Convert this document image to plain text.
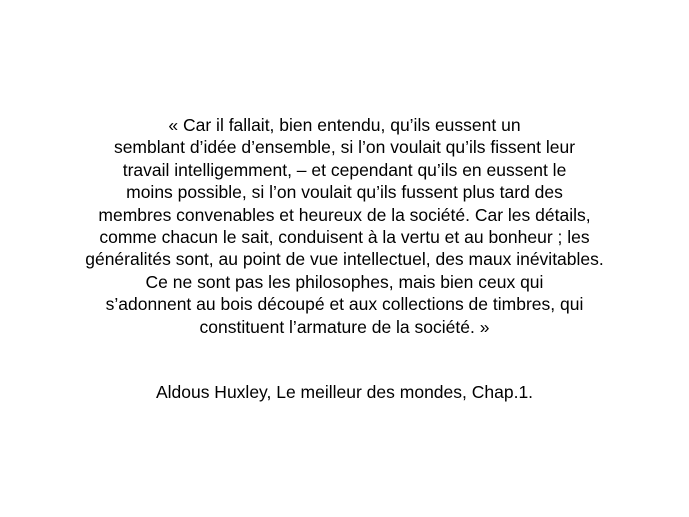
« Car il fallait, bien entendu, qu’ils eussent un
semblant d’idée d’ensemble, si l’on voulait qu’ils fissent leur
travail intelligemment, – et cependant qu’ils en eussent le
moins possible, si l’on voulait qu’ils fussent plus tard des
membres convenables et heureux de la société. Car les détails,
comme chacun le sait, conduisent à la vertu et au bonheur ; les
généralités sont, au point de vue intellectuel, des maux inévitables.
Ce ne sont pas les philosophes, mais bien ceux qui
s’adonnent au bois découpé et aux collections de timbres, qui
constituent l’armature de la société. »
Aldous Huxley, Le meilleur des mondes, Chap.1.
